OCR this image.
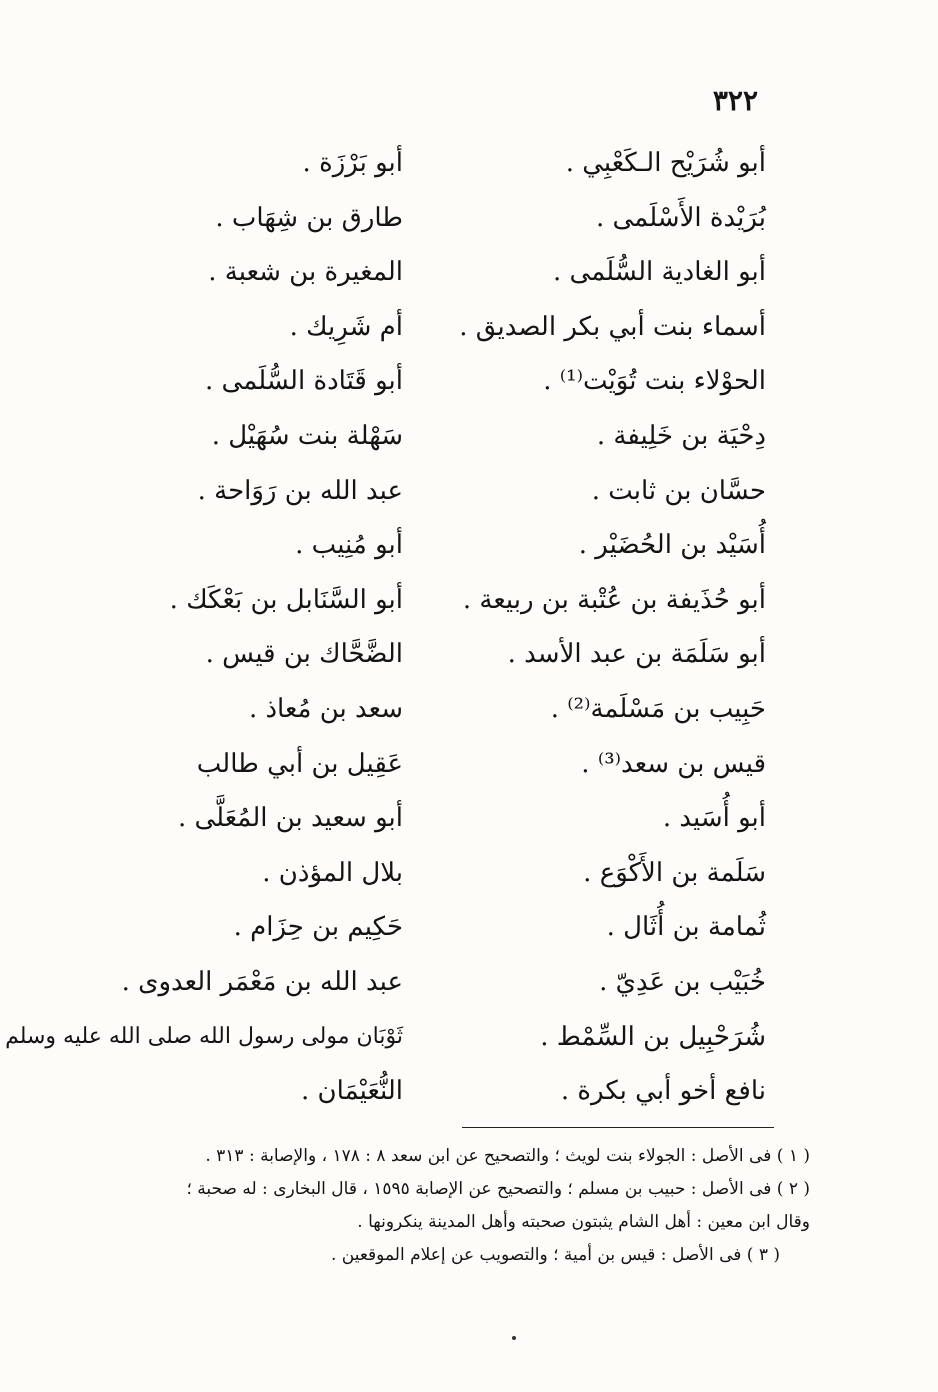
٣٢٢
أبو شُرَيْح الـكَعْبِي .
بُرَيْدة الأَسْلَمى .
أبو الغادية السُّلَمى .
أسماء بنت أبي بكر الصديق .
الحوْلاء بنت تُوَيْت⁽¹⁾ .
دِحْيَة بن خَلِيفة .
حسَّان بن ثابت .
أُسَيْد بن الحُضَيْر .
أبو حُذَيفة بن عُتْبة بن ربيعة .
أبو سَلَمَة بن عبد الأسد .
حَبِيب بن مَسْلَمة⁽²⁾ .
قيس بن سعد⁽³⁾ .
أبو أُسَيد .
سَلَمة بن الأَكْوَع .
ثُمامة بن أُثَال .
خُبَيْب بن عَدِيّ .
شُرَحْبِيل بن السِّمْط .
نافع أخو أبي بكرة .
أبو بَرْزَة .
طارق بن شِهَاب .
المغيرة بن شعبة .
أم شَرِيك .
أبو قَتَادة السُّلَمى .
سَهْلة بنت سُهَيْل .
عبد الله بن رَوَاحة .
أبو مُنِيب .
أبو السَّنَابل بن بَعْكَك .
الضَّحَّاك بن قيس .
سعد بن مُعاذ .
عَقِيل بن أبي طالب
أبو سعيد بن المُعَلَّى .
بلال المؤذن .
حَكِيم بن حِزَام .
عبد الله بن مَعْمَر العدوى .
ثَوْبَان مولى رسول الله صلى الله عليه وسلم
النُّعَيْمَان .
( ١ ) فى الأصل : الجولاء بنت لويث ؛ والتصحيح عن ابن سعد ٨ : ١٧٨ ، والإصابة : ٣١٣ .
( ٢ ) فى الأصل : حبيب بن مسلم ؛ والتصحيح عن الإصابة ١٥٩٥ ، قال البخارى : له صحبة ؛
وقال ابن معين : أهل الشام يثبتون صحبته وأهل المدينة ينكرونها .
( ٣ ) فى الأصل : قيس بن أمية ؛ والتصويب عن إعلام الموقعين .
